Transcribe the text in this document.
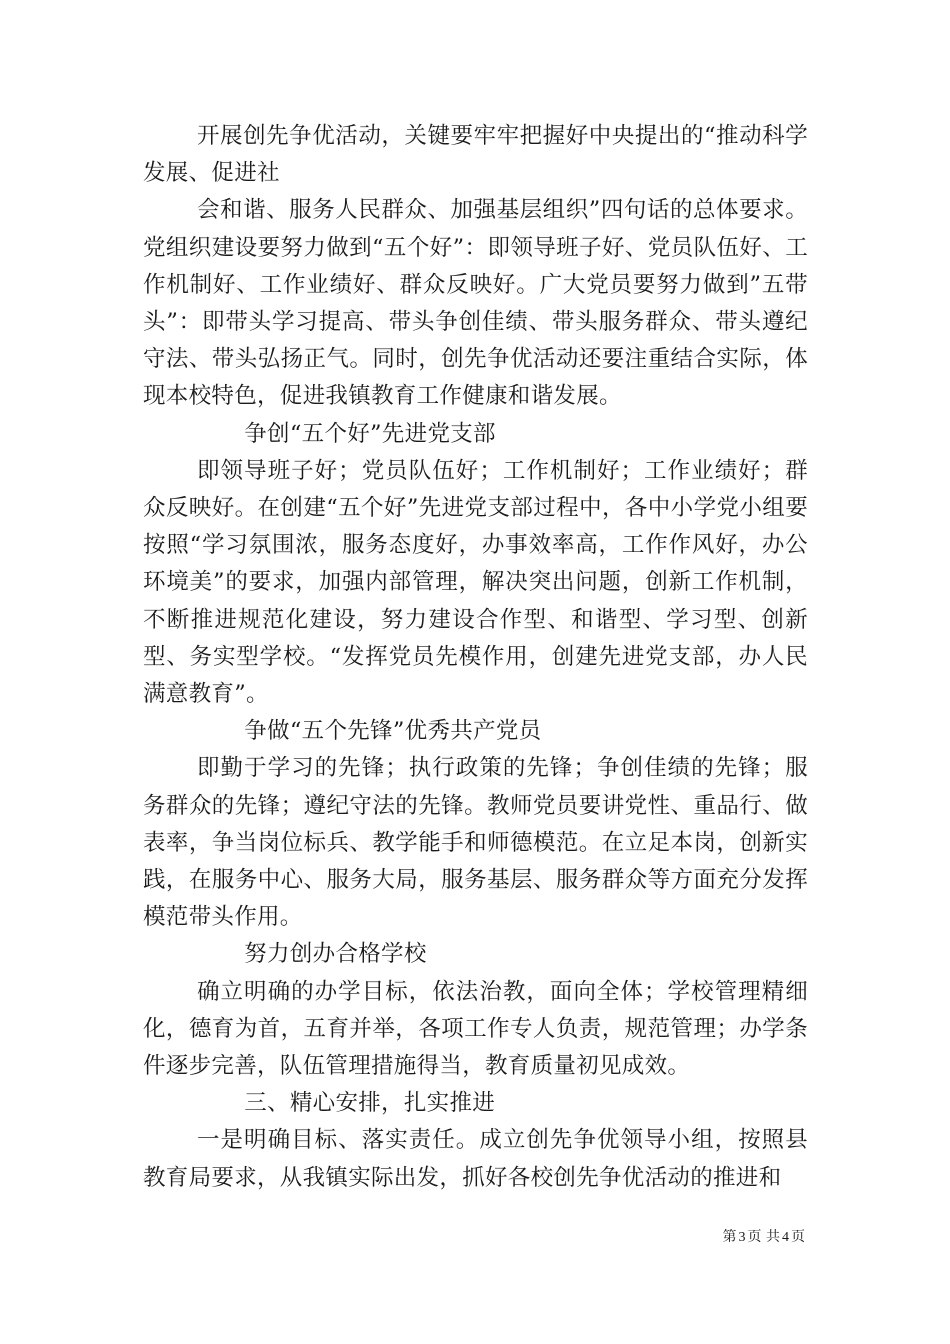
开展创先争优活动，关键要牢牢把握好中央提出的“推动科学发展、促进社

会和谐、服务人民群众、加强基层组织”四句话的总体要求。党组织建设要努力做到“五个好”：即领导班子好、党员队伍好、工作机制好、工作业绩好、群众反映好。广大党员要努力做到”五带头”：即带头学习提高、带头争创佳绩、带头服务群众、带头遵纪守法、带头弘扬正气。同时，创先争优活动还要注重结合实际，体现本校特色，促进我镇教育工作健康和谐发展。

争创“五个好”先进党支部

即领导班子好；党员队伍好；工作机制好；工作业绩好；群众反映好。在创建“五个好”先进党支部过程中，各中小学党小组要按照“学习氛围浓，服务态度好，办事效率高，工作作风好，办公环境美”的要求，加强内部管理，解决突出问题，创新工作机制，不断推进规范化建设，努力建设合作型、和谐型、学习型、创新型、务实型学校。“发挥党员先模作用，创建先进党支部，办人民满意教育”。

争做“五个先锋”优秀共产党员

即勤于学习的先锋；执行政策的先锋；争创佳绩的先锋；服务群众的先锋；遵纪守法的先锋。教师党员要讲党性、重品行、做表率，争当岗位标兵、教学能手和师德模范。在立足本岗，创新实践，在服务中心、服务大局，服务基层、服务群众等方面充分发挥模范带头作用。

努力创办合格学校

确立明确的办学目标，依法治教，面向全体；学校管理精细化，德育为首，五育并举，各项工作专人负责，规范管理；办学条件逐步完善，队伍管理措施得当，教育质量初见成效。

三、精心安排，扎实推进

一是明确目标、落实责任。成立创先争优领导小组，按照县教育局要求，从我镇实际出发，抓好各校创先争优活动的推进和

第 3 页 共 4 页
